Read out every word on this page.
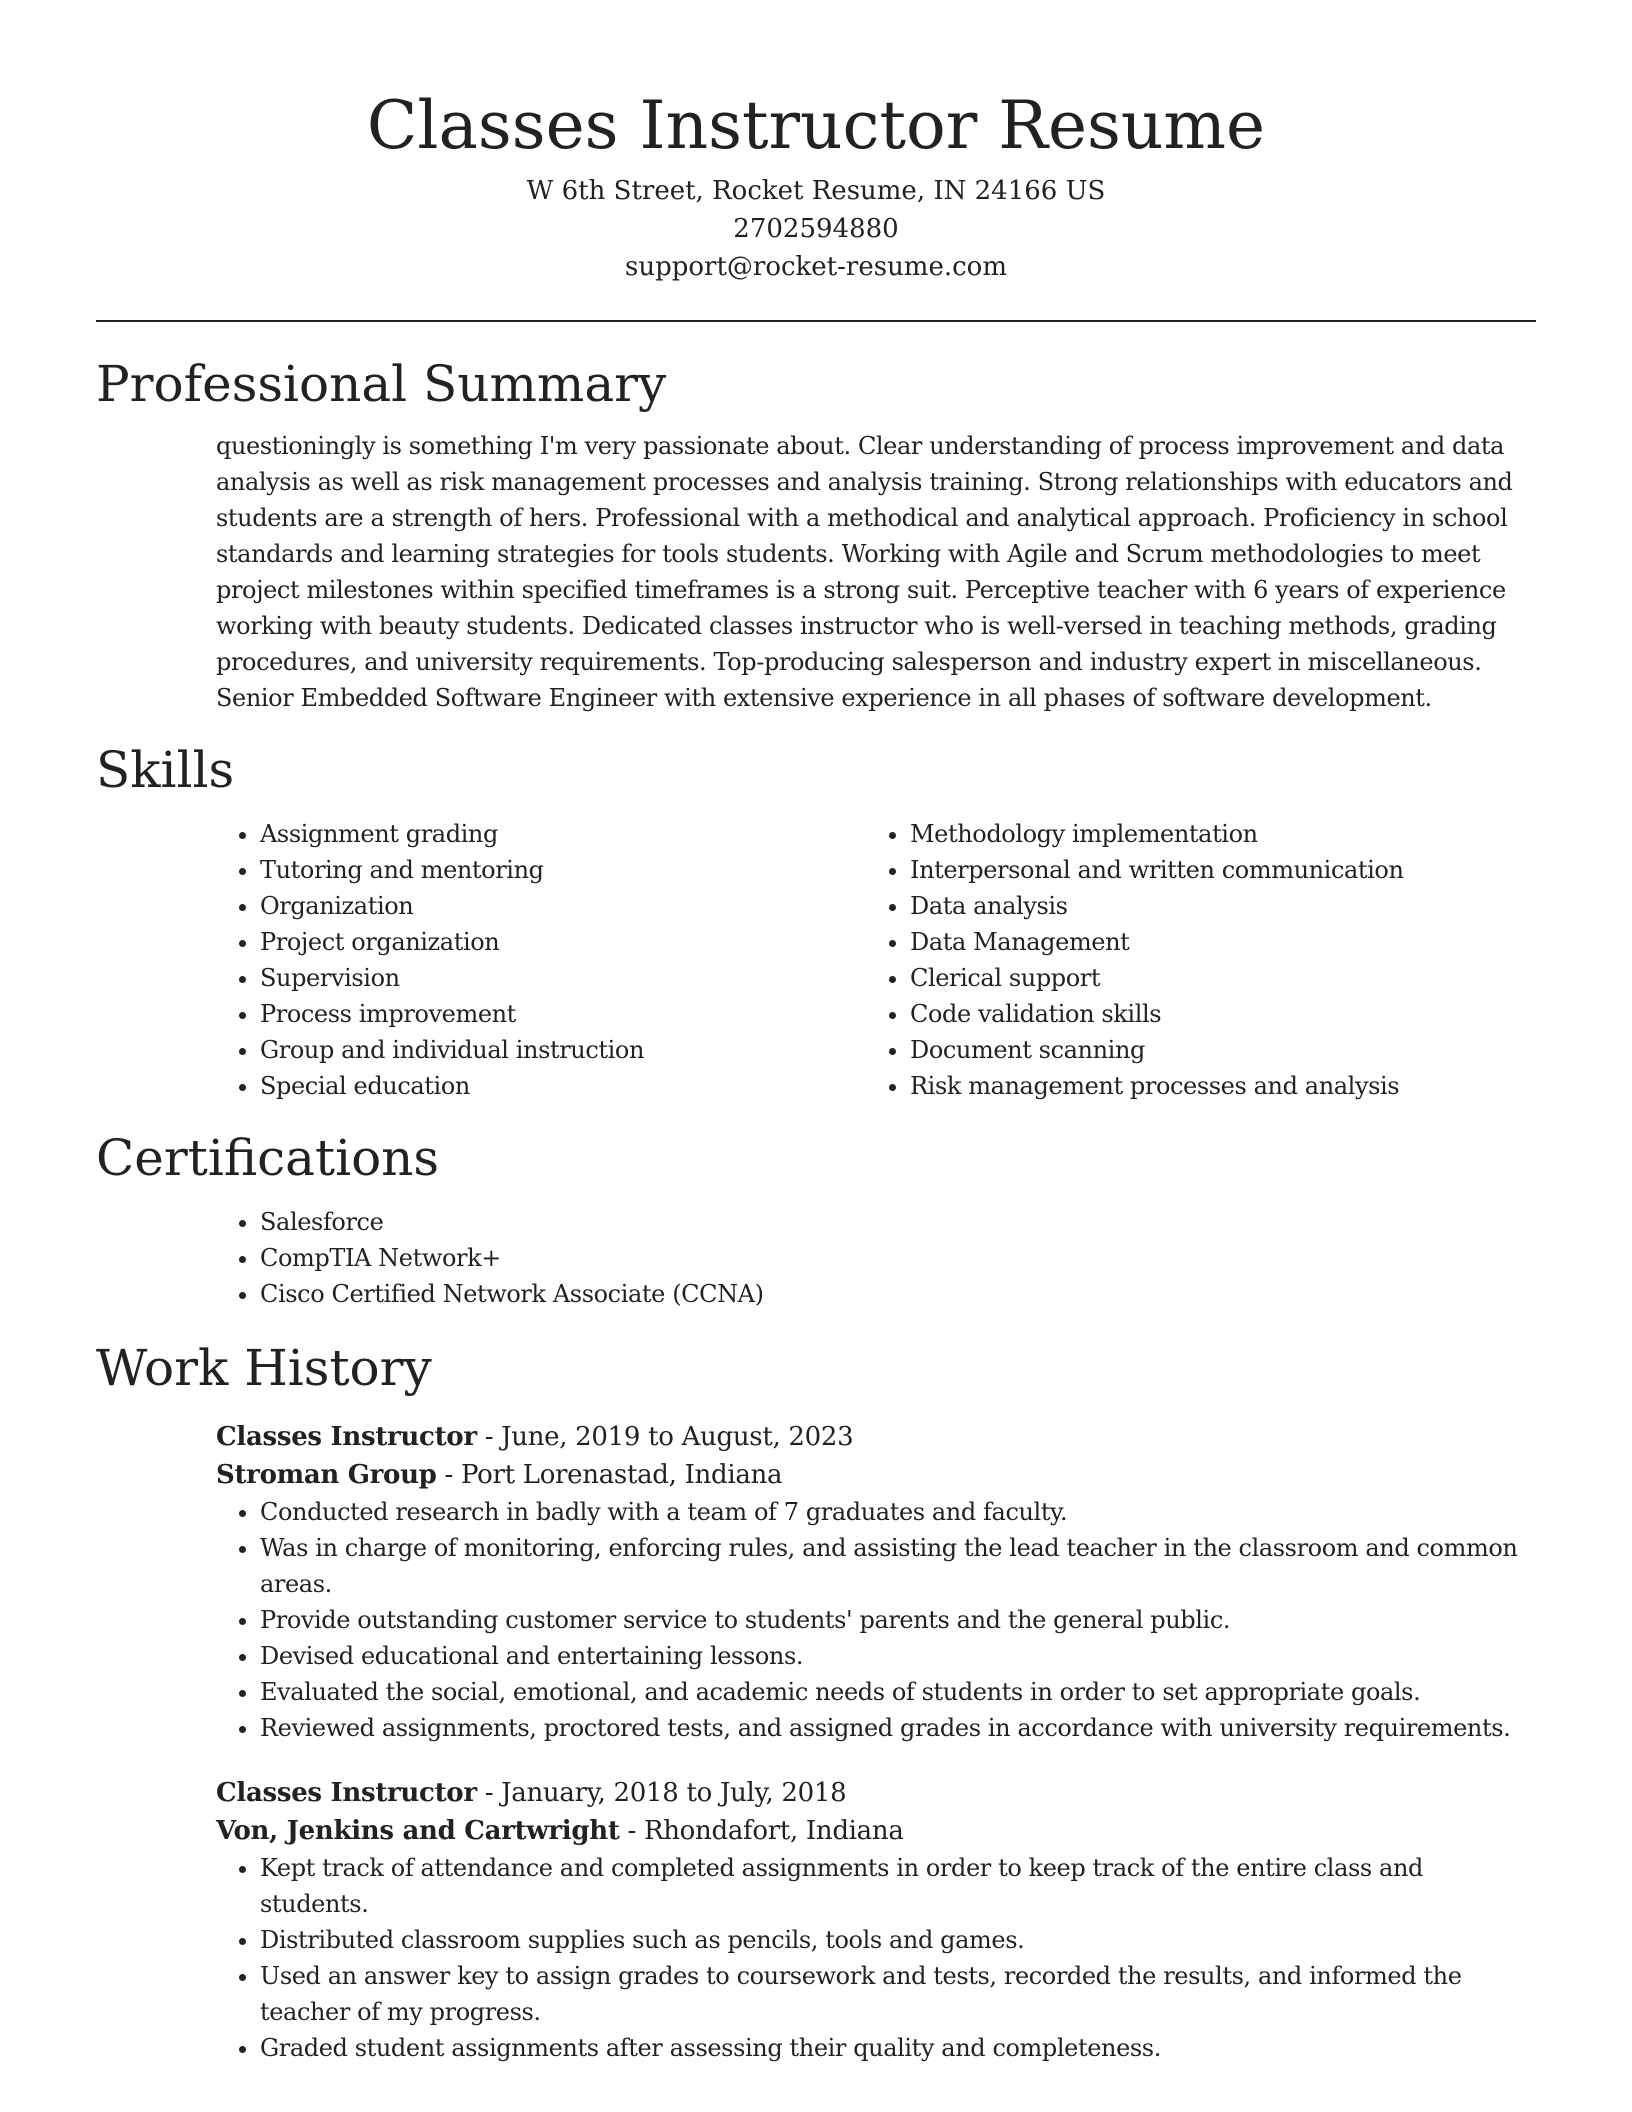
Classes Instructor Resume
W 6th Street, Rocket Resume, IN 24166 US
2702594880
support@rocket-resume.com
Professional Summary

questioningly is something I'm very passionate about. Clear understanding of process improvement and data analysis as well as risk management processes and analysis training. Strong relationships with educators and students are a strength of hers. Professional with a methodical and analytical approach. Proficiency in school standards and learning strategies for tools students. Working with Agile and Scrum methodologies to meet project milestones within specified timeframes is a strong suit. Perceptive teacher with 6 years of experience working with beauty students. Dedicated classes instructor who is well-versed in teaching methods, grading procedures, and university requirements. Top-producing salesperson and industry expert in miscellaneous. Senior Embedded Software Engineer with extensive experience in all phases of software development.

Skills
• Assignment grading
• Tutoring and mentoring
• Organization
• Project organization
• Supervision
• Process improvement
• Group and individual instruction
• Special education
• Methodology implementation
• Interpersonal and written communication
• Data analysis
• Data Management
• Clerical support
• Code validation skills
• Document scanning
• Risk management processes and analysis
Certifications
• Salesforce
• CompTIA Network+
• Cisco Certified Network Associate (CCNA)
Work History
Classes Instructor - June, 2019 to August, 2023
Stroman Group - Port Lorenastad, Indiana
• Conducted research in badly with a team of 7 graduates and faculty.
• Was in charge of monitoring, enforcing rules, and assisting the lead teacher in the classroom and common areas.
• Provide outstanding customer service to students' parents and the general public.
• Devised educational and entertaining lessons.
• Evaluated the social, emotional, and academic needs of students in order to set appropriate goals.
• Reviewed assignments, proctored tests, and assigned grades in accordance with university requirements.
Classes Instructor - January, 2018 to July, 2018
Von, Jenkins and Cartwright - Rhondafort, Indiana
• Kept track of attendance and completed assignments in order to keep track of the entire class and students.
• Distributed classroom supplies such as pencils, tools and games.
• Used an answer key to assign grades to coursework and tests, recorded the results, and informed the teacher of my progress.
• Graded student assignments after assessing their quality and completeness.
